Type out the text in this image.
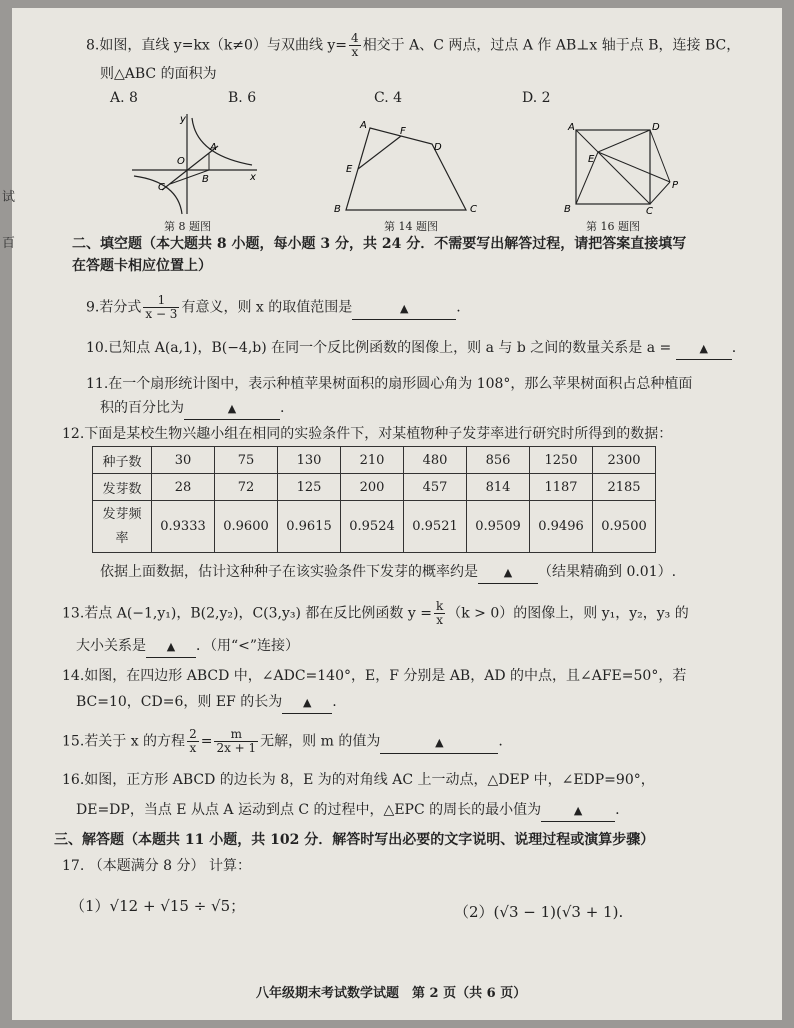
试
百
8.如图，直线 y=kx（k≠0）与双曲线 $y= \frac{4}{x}$ 相交于 A、C 两点，过点 A 作 AB⊥x 轴于点 B，连接 BC，
则△ABC 的面积为
A. 8	B. 6	C. 4	D. 2
y
x
O
A
B
C
第 8 题图
A
F
D
E
B	C
第 14 题图
A	D
E
P
B	C
第 16 题图
二、填空题（本大题共 8 小题，每小题 3 分，共 24 分．不需要写出解答过程，请把答案直接填写
在答题卡相应位置上）
9.若分式 $\frac{1}{x - 3}$ 有意义，则 x 的取值范围是	▲	.
10.已知点 A(a,1)，B(−4,b) 在同一个反比例函数的图像上，则 a 与 b 之间的数量关系是 a =	▲ .
11.在一个扇形统计图中，表示种植苹果树面积的扇形圆心角为 108°，那么苹果树面积占总种植面
积的百分比为	▲	.
12.下面是某校生物兴趣小组在相同的实验条件下，对某植物种子发芽率进行研究时所得到的数据：
种子数	30	75	130	210	480	856	1250	2300
发芽数	28	72	125	200	457	814	1187	2185
发芽频
率	0.9333	0.9600	0.9615	0.9524	0.9521	0.9509	0.9496	0.9500
依据上面数据，估计这种种子在该实验条件下发芽的概率约是 ▲ （结果精确到 0.01）.
13.若点 A(−1,y₁)，B(2,y₂)，C(3,y₃) 都在反比例函数 $y = \frac{k}{x} (k > 0)$的图像上，则 y₁，y₂，y₃ 的
大小关系是 ▲ ．（用“<”连接）
14.如图，在四边形 ABCD 中，∠ADC=140°，E，F 分别是 AB，AD 的中点，且∠AFE=50°，若
BC=10，CD=6，则 EF 的长为 ▲ .
15.若关于 x 的方程 $\frac{2}{x} = \frac{m}{2x + 1}$ 无解，则 m 的值为	▲	.
16.如图，正方形 ABCD 的边长为 8，E 为的对角线 AC 上一动点，△DEP 中，∠EDP=90°，
DE=DP，当点 E 从点 A 运动到点 C 的过程中，△EPC 的周长的最小值为	▲ .
三、解答题（本题共 11 小题，共 102 分．解答时写出必要的文字说明、说理过程或演算步骤）
17. （本题满分 8 分） 计算：
（1）√12 + √15 ÷ √5；	（2）(√3 − 1)(√3 + 1).
八年级期末考试数学试题　第 2 页（共 6 页）
